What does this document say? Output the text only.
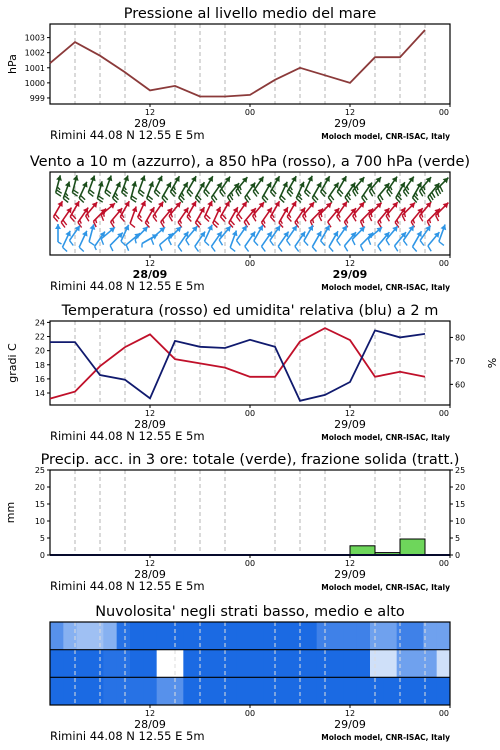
Pressione al livello medio del mare
999
1000
1001
1002
1003
hPa
12	00	12	00
28/09	29/09
Rimini 44.08 N 12.55 E 5m	Moloch model, CNR-ISAC, Italy
Vento a 10 m (azzurro), a 850 hPa (rosso), a 700 hPa (verde)
12	00	12	00
28/09	29/09
Rimini 44.08 N 12.55 E 5m	Moloch model, CNR-ISAC, Italy
Temperatura (rosso) ed umidita' relativa (blu) a 2 m
14
16
18
20
22
24
60
70
80
gradi C	%
12	00	12	00
28/09	29/09
Rimini 44.08 N 12.55 E 5m	Moloch model, CNR-ISAC, Italy
Precip. acc. in 3 ore: totale (verde), frazione solida (tratt.)
0
5
10
15
20
25
0
5
10
15
20
25
mm
12	00	12	00
28/09	29/09
Rimini 44.08 N 12.55 E 5m	Moloch model, CNR-ISAC, Italy
Nuvolosita' negli strati basso, medio e alto
12	00	12	00
28/09	29/09
Rimini 44.08 N 12.55 E 5m	Moloch model, CNR-ISAC, Italy
